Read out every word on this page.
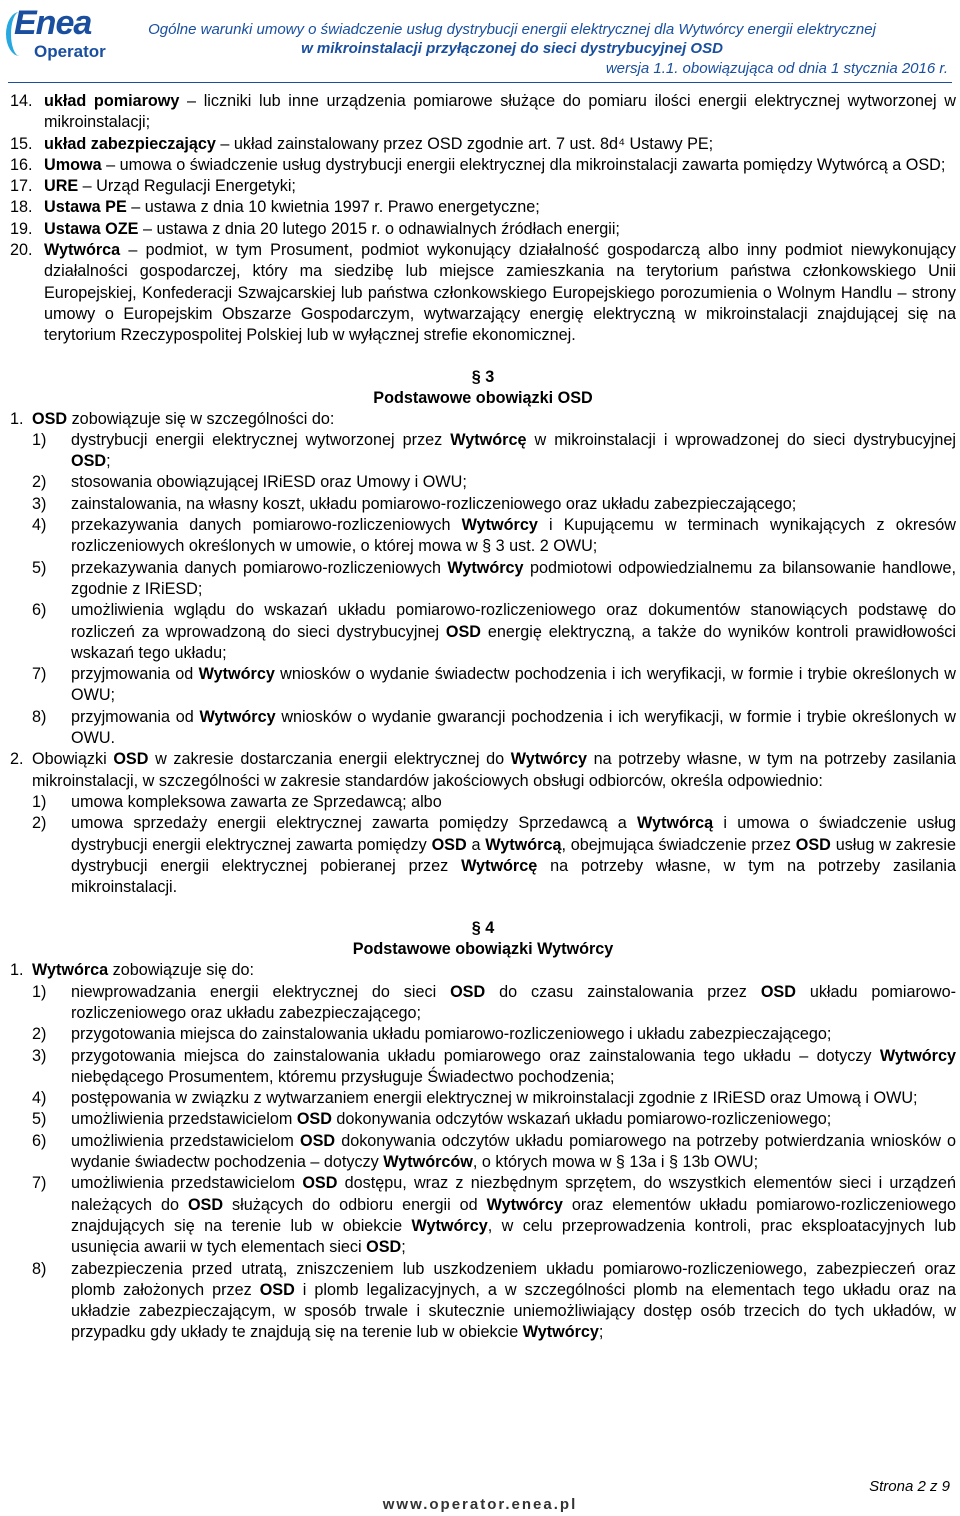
Enea
Operator
Ogólne warunki umowy o świadczenie usług dystrybucji energii elektrycznej dla Wytwórcy energii elektrycznej
w mikroinstalacji przyłączonej do sieci dystrybucyjnej OSD
wersja 1.1. obowiązująca od dnia 1 stycznia 2016 r.
14. układ pomiarowy – liczniki lub inne urządzenia pomiarowe służące do pomiaru ilości energii elektrycznej wytworzonej w mikroinstalacji;
15. układ zabezpieczający – układ zainstalowany przez OSD zgodnie art. 7 ust. 8d⁴ Ustawy PE;
16. Umowa – umowa o świadczenie usług dystrybucji energii elektrycznej dla mikroinstalacji zawarta pomiędzy Wytwórcą a OSD;
17. URE – Urząd Regulacji Energetyki;
18. Ustawa PE – ustawa z dnia 10 kwietnia 1997 r. Prawo energetyczne;
19. Ustawa OZE – ustawa z dnia 20 lutego 2015 r. o odnawialnych źródłach energii;
20. Wytwórca – podmiot, w tym Prosument, podmiot wykonujący działalność gospodarczą albo inny podmiot niewykonujący działalności gospodarczej, który ma siedzibę lub miejsce zamieszkania na terytorium państwa członkowskiego Unii Europejskiej, Konfederacji Szwajcarskiej lub państwa członkowskiego Europejskiego porozumienia o Wolnym Handlu – strony umowy o Europejskim Obszarze Gospodarczym, wytwarzający energię elektryczną w mikroinstalacji znajdującej się na terytorium Rzeczypospolitej Polskiej lub w wyłącznej strefie ekonomicznej.
§ 3
Podstawowe obowiązki OSD
1. OSD zobowiązuje się w szczególności do:
1)	dystrybucji energii elektrycznej wytworzonej przez Wytwórcę w mikroinstalacji i wprowadzonej do sieci dystrybucyjnej OSD;
2)	stosowania obowiązującej IRiESD oraz Umowy i OWU;
3)	zainstalowania, na własny koszt, układu pomiarowo-rozliczeniowego oraz układu zabezpieczającego;
4)	przekazywania danych pomiarowo-rozliczeniowych Wytwórcy i Kupującemu w terminach wynikających z okresów rozliczeniowych określonych w umowie, o której mowa w § 3 ust. 2 OWU;
5)	przekazywania danych pomiarowo-rozliczeniowych Wytwórcy podmiotowi odpowiedzialnemu za bilansowanie handlowe, zgodnie z IRiESD;
6)	umożliwienia wglądu do wskazań układu pomiarowo-rozliczeniowego oraz dokumentów stanowiących podstawę do rozliczeń za wprowadzoną do sieci dystrybucyjnej OSD energię elektryczną, a także do wyników kontroli prawidłowości wskazań tego układu;
7)	przyjmowania od Wytwórcy wniosków o wydanie świadectw pochodzenia i ich weryfikacji, w formie i trybie określonych w OWU;
8)	przyjmowania od Wytwórcy wniosków o wydanie gwarancji pochodzenia i ich weryfikacji, w formie i trybie określonych w OWU.
2. Obowiązki OSD w zakresie dostarczania energii elektrycznej do Wytwórcy na potrzeby własne, w tym na potrzeby zasilania mikroinstalacji, w szczególności w zakresie standardów jakościowych obsługi odbiorców, określa odpowiednio:
1)	umowa kompleksowa zawarta ze Sprzedawcą; albo
2)	umowa sprzedaży energii elektrycznej zawarta pomiędzy Sprzedawcą a Wytwórcą i umowa o świadczenie usług dystrybucji energii elektrycznej zawarta pomiędzy OSD a Wytwórcą, obejmująca świadczenie przez OSD usług w zakresie dystrybucji energii elektrycznej pobieranej przez Wytwórcę na potrzeby własne, w tym na potrzeby zasilania mikroinstalacji.
§ 4
Podstawowe obowiązki Wytwórcy
1. Wytwórca zobowiązuje się do:
1)	niewprowadzania energii elektrycznej do sieci OSD do czasu zainstalowania przez OSD układu pomiarowo-rozliczeniowego oraz układu zabezpieczającego;
2)	przygotowania miejsca do zainstalowania układu pomiarowo-rozliczeniowego i układu zabezpieczającego;
3)	przygotowania miejsca do zainstalowania układu pomiarowego oraz zainstalowania tego układu – dotyczy Wytwórcy niebędącego Prosumentem, któremu przysługuje Świadectwo pochodzenia;
4)	postępowania w związku z wytwarzaniem energii elektrycznej w mikroinstalacji zgodnie z IRiESD oraz Umową i OWU;
5)	umożliwienia przedstawicielom OSD dokonywania odczytów wskazań układu pomiarowo-rozliczeniowego;
6)	umożliwienia przedstawicielom OSD dokonywania odczytów układu pomiarowego na potrzeby potwierdzania wniosków o wydanie świadectw pochodzenia – dotyczy Wytwórców, o których mowa w § 13a i § 13b OWU;
7)	umożliwienia przedstawicielom OSD dostępu, wraz z niezbędnym sprzętem, do wszystkich elementów sieci i urządzeń należących do OSD służących do odbioru energii od Wytwórcy oraz elementów układu pomiarowo-rozliczeniowego znajdujących się na terenie lub w obiekcie Wytwórcy, w celu przeprowadzenia kontroli, prac eksploatacyjnych lub usunięcia awarii w tych elementach sieci OSD;
8)	zabezpieczenia przed utratą, zniszczeniem lub uszkodzeniem układu pomiarowo-rozliczeniowego, zabezpieczeń oraz plomb założonych przez OSD i plomb legalizacyjnych, a w szczególności plomb na elementach tego układu oraz na układzie zabezpieczającym, w sposób trwale i skutecznie uniemożliwiający dostęp osób trzecich do tych układów, w przypadku gdy układy te znajdują się na terenie lub w obiekcie Wytwórcy;
Strona 2 z 9
www.operator.enea.pl
